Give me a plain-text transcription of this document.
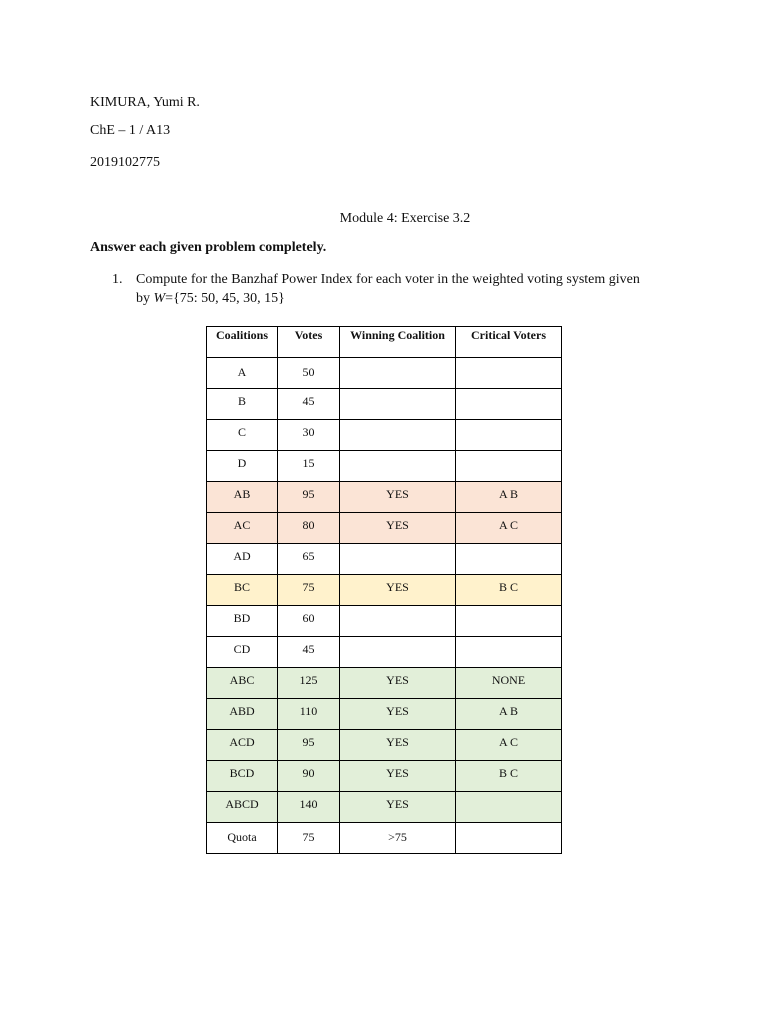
KIMURA, Yumi R.
ChE – 1 / A13
2019102775
Module 4: Exercise 3.2
Answer each given problem completely.
1. Compute for the Banzhaf Power Index for each voter in the weighted voting system given
by W={75: 50, 45, 30, 15}
Coalitions	Votes	Winning Coalition	Critical Voters
A	50		
B	45		
C	30		
D	15		
AB	95	YES	A B
AC	80	YES	A C
AD	65		
BC	75	YES	B C
BD	60		
CD	45		
ABC	125	YES	NONE
ABD	110	YES	A B
ACD	95	YES	A C
BCD	90	YES	B C
ABCD	140	YES	
Quota	75	>75	
